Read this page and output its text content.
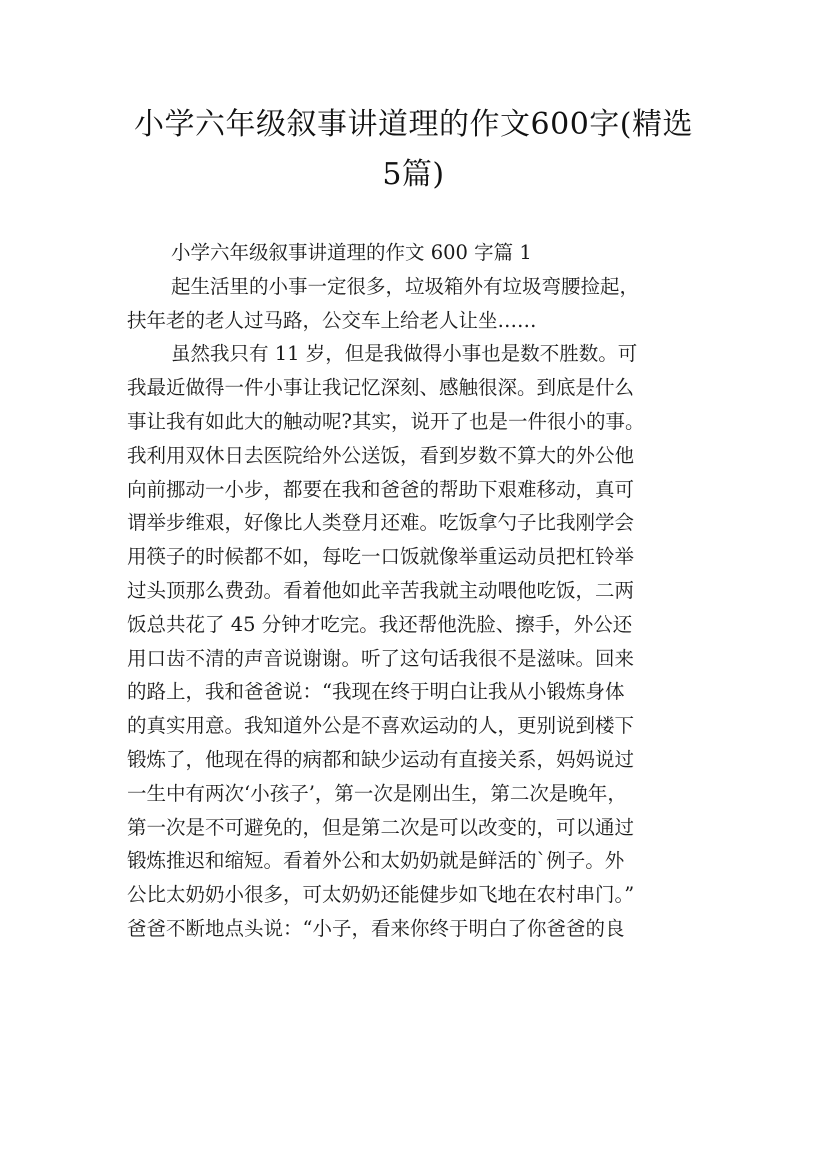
小学六年级叙事讲道理的作文600字(精选
5篇)
小学六年级叙事讲道理的作文 600 字篇 1
起生活里的小事一定很多，垃圾箱外有垃圾弯腰捡起，
扶年老的老人过马路，公交车上给老人让坐……
虽然我只有 11 岁，但是我做得小事也是数不胜数。可
我最近做得一件小事让我记忆深刻、感触很深。到底是什么
事让我有如此大的触动呢?其实，说开了也是一件很小的事。
我利用双休日去医院给外公送饭，看到岁数不算大的外公他
向前挪动一小步，都要在我和爸爸的帮助下艰难移动，真可
谓举步维艰，好像比人类登月还难。吃饭拿勺子比我刚学会
用筷子的时候都不如，每吃一口饭就像举重运动员把杠铃举
过头顶那么费劲。看着他如此辛苦我就主动喂他吃饭，二两
饭总共花了 45 分钟才吃完。我还帮他洗脸、擦手，外公还
用口齿不清的声音说谢谢。听了这句话我很不是滋味。回来
的路上，我和爸爸说：“我现在终于明白让我从小锻炼身体
的真实用意。我知道外公是不喜欢运动的人，更别说到楼下
锻炼了，他现在得的病都和缺少运动有直接关系，妈妈说过
一生中有两次‘小孩子’，第一次是刚出生，第二次是晚年，
第一次是不可避免的，但是第二次是可以改变的，可以通过
锻炼推迟和缩短。看着外公和太奶奶就是鲜活的`例子。外
公比太奶奶小很多，可太奶奶还能健步如飞地在农村串门。”
爸爸不断地点头说：“小子，看来你终于明白了你爸爸的良
